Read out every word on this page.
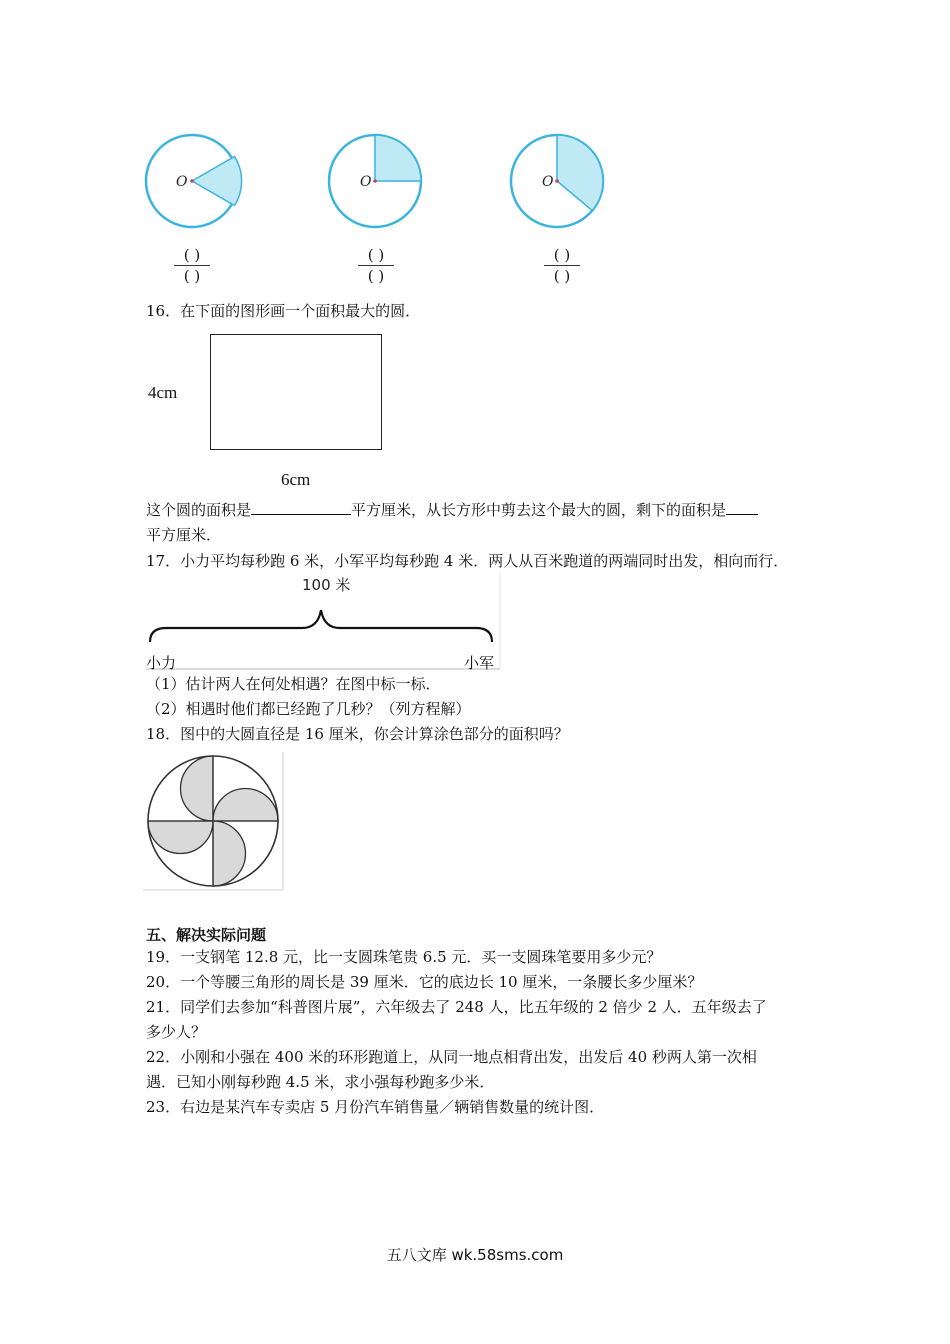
O	O	O
( )
( )
( )
( )
( )
( )
16．在下面的图形画一个面积最大的圆．
4cm
6cm
这个圆的面积是	平方厘米，从长方形中剪去这个最大的圆，剩下的面积是
平方厘米．
17．小力平均每秒跑 6 米，小军平均每秒跑 4 米．两人从百米跑道的两端同时出发，相向而行．
100 米
小力	小军
（1）估计两人在何处相遇？在图中标一标．
（2）相遇时他们都已经跑了几秒？（列方程解）
18．图中的大圆直径是 16 厘米，你会计算涂色部分的面积吗？
五、解决实际问题
19．一支钢笔 12.8 元，比一支圆珠笔贵 6.5 元．买一支圆珠笔要用多少元？
20．一个等腰三角形的周长是 39 厘米．它的底边长 10 厘米，一条腰长多少厘米？
21．同学们去参加“科普图片展”，六年级去了 248 人，比五年级的 2 倍少 2 人．五年级去了
多少人？
22．小刚和小强在 400 米的环形跑道上，从同一地点相背出发，出发后 40 秒两人第一次相
遇．已知小刚每秒跑 4.5 米，求小强每秒跑多少米．
23．右边是某汽车专卖店 5 月份汽车销售量／辆销售数量的统计图．
五八文库 wk.58sms.com
